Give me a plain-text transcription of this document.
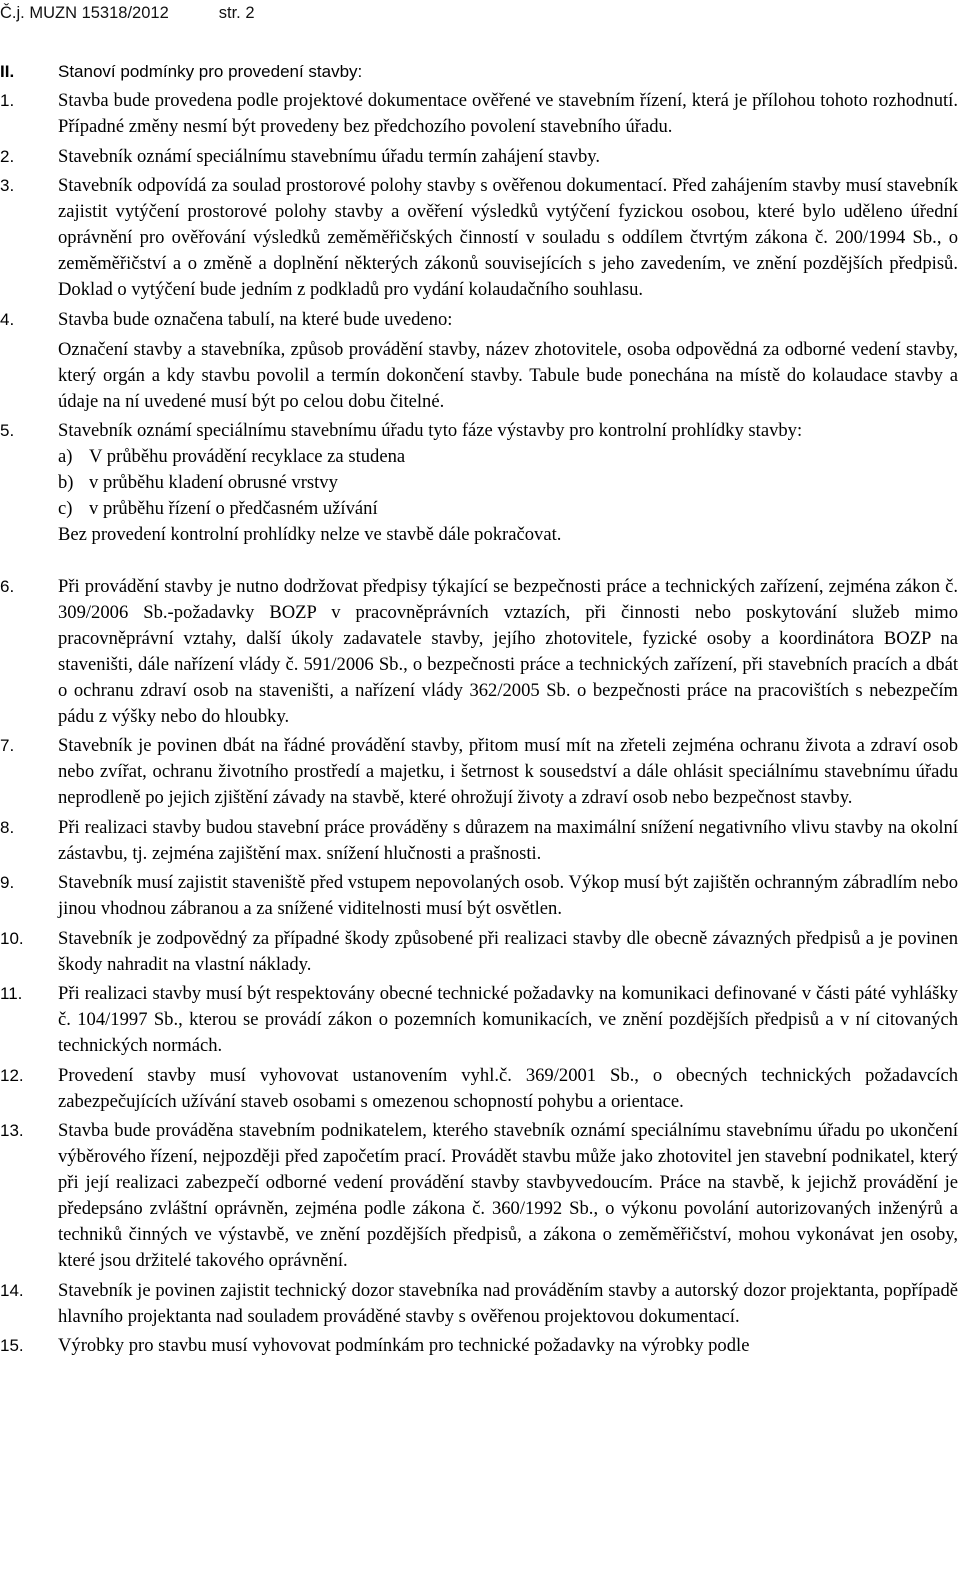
Č.j. MUZN 15318/2012	str. 2
II.	Stanoví podmínky pro provedení stavby:
1.	Stavba bude provedena podle projektové dokumentace ověřené ve stavebním řízení, která je přílohou tohoto rozhodnutí. Případné změny nesmí být provedeny bez předchozího povolení stavebního úřadu.

2.	Stavebník oznámí speciálnímu stavebnímu úřadu termín zahájení stavby.

3.	Stavebník odpovídá za soulad prostorové polohy stavby s ověřenou dokumentací. Před zahájením stavby musí stavebník zajistit vytýčení prostorové polohy stavby a ověření výsledků vytýčení fyzickou osobou, které bylo uděleno úřední oprávnění pro ověřování výsledků zeměměřičských činností v souladu s oddílem čtvrtým zákona č. 200/1994 Sb., o zeměměřičství a o změně a doplnění některých zákonů souvisejících s jeho zavedením, ve znění pozdějších předpisů. Doklad o vytýčení bude jedním z podkladů pro vydání kolaudačního souhlasu.

4.	Stavba bude označena tabulí, na které bude uvedeno:

Označení stavby a stavebníka, způsob provádění stavby, název zhotovitele, osoba odpovědná za odborné vedení stavby, který orgán a kdy stavbu povolil a termín dokončení stavby. Tabule bude ponechána na místě do kolaudace stavby a údaje na ní uvedené musí být po celou dobu čitelné.

5.	Stavebník oznámí speciálnímu stavebnímu úřadu tyto fáze výstavby pro kontrolní prohlídky stavby:

a) V průběhu provádění recyklace za studena
b) v průběhu kladení obrusné vrstvy
c) v průběhu řízení o předčasném užívání

Bez provedení kontrolní prohlídky nelze ve stavbě dále pokračovat.

6.	Při provádění stavby je nutno dodržovat předpisy týkající se bezpečnosti práce a technických zařízení, zejména zákon č. 309/2006 Sb.-požadavky BOZP v pracovněprávních vztazích, při činnosti nebo poskytování služeb mimo pracovněprávní vztahy, další úkoly zadavatele stavby, jejího zhotovitele, fyzické osoby a koordinátora BOZP na staveništi, dále nařízení vlády č. 591/2006 Sb., o bezpečnosti práce a technických zařízení, při stavebních pracích a dbát o ochranu zdraví osob na staveništi, a nařízení vlády 362/2005 Sb. o bezpečnosti práce na pracovištích s nebezpečím pádu z výšky nebo do hloubky.

7.	Stavebník je povinen dbát na řádné provádění stavby, přitom musí mít na zřeteli zejména ochranu života a zdraví osob nebo zvířat, ochranu životního prostředí a majetku, i šetrnost k sousedství a dále ohlásit speciálnímu stavebnímu úřadu neprodleně po jejich zjištění závady na stavbě, které ohrožují životy a zdraví osob nebo bezpečnost stavby.

8.	Při realizaci stavby budou stavební práce prováděny s důrazem na maximální snížení negativního vlivu stavby na okolní zástavbu, tj. zejména zajištění max. snížení hlučnosti a prašnosti.

9.	Stavebník musí zajistit staveniště před vstupem nepovolaných osob. Výkop musí být zajištěn ochranným zábradlím nebo jinou vhodnou zábranou a za snížené viditelnosti musí být osvětlen.

10.	Stavebník je zodpovědný za případné škody způsobené při realizaci stavby dle obecně závazných předpisů a je povinen škody nahradit na vlastní náklady.

11.	Při realizaci stavby musí být respektovány obecné technické požadavky na komunikaci definované v části páté vyhlášky č. 104/1997 Sb., kterou se provádí zákon o pozemních komunikacích, ve znění pozdějších předpisů a v ní citovaných technických normách.

12.	Provedení stavby musí vyhovovat ustanovením vyhl.č. 369/2001 Sb., o obecných technických požadavcích zabezpečujících užívání staveb osobami s omezenou schopností pohybu a orientace.

13.	Stavba bude prováděna stavebním podnikatelem, kterého stavebník oznámí speciálnímu stavebnímu úřadu po ukončení výběrového řízení, nejpozději před započetím prací. Provádět stavbu může jako zhotovitel jen stavební podnikatel, který při její realizaci zabezpečí odborné vedení provádění stavby stavbyvedoucím. Práce na stavbě, k jejichž provádění je předepsáno zvláštní oprávněn, zejména podle zákona č. 360/1992 Sb., o výkonu povolání autorizovaných inženýrů a techniků činných ve výstavbě, ve znění pozdějších předpisů, a zákona o zeměměřičství, mohou vykonávat jen osoby, které jsou držitelé takového oprávnění.

14.	Stavebník je povinen zajistit technický dozor stavebníka nad prováděním stavby a autorský dozor projektanta, popřípadě hlavního projektanta nad souladem prováděné stavby s ověřenou projektovou dokumentací.

15.	Výrobky pro stavbu musí vyhovovat podmínkám pro technické požadavky na výrobky podle
